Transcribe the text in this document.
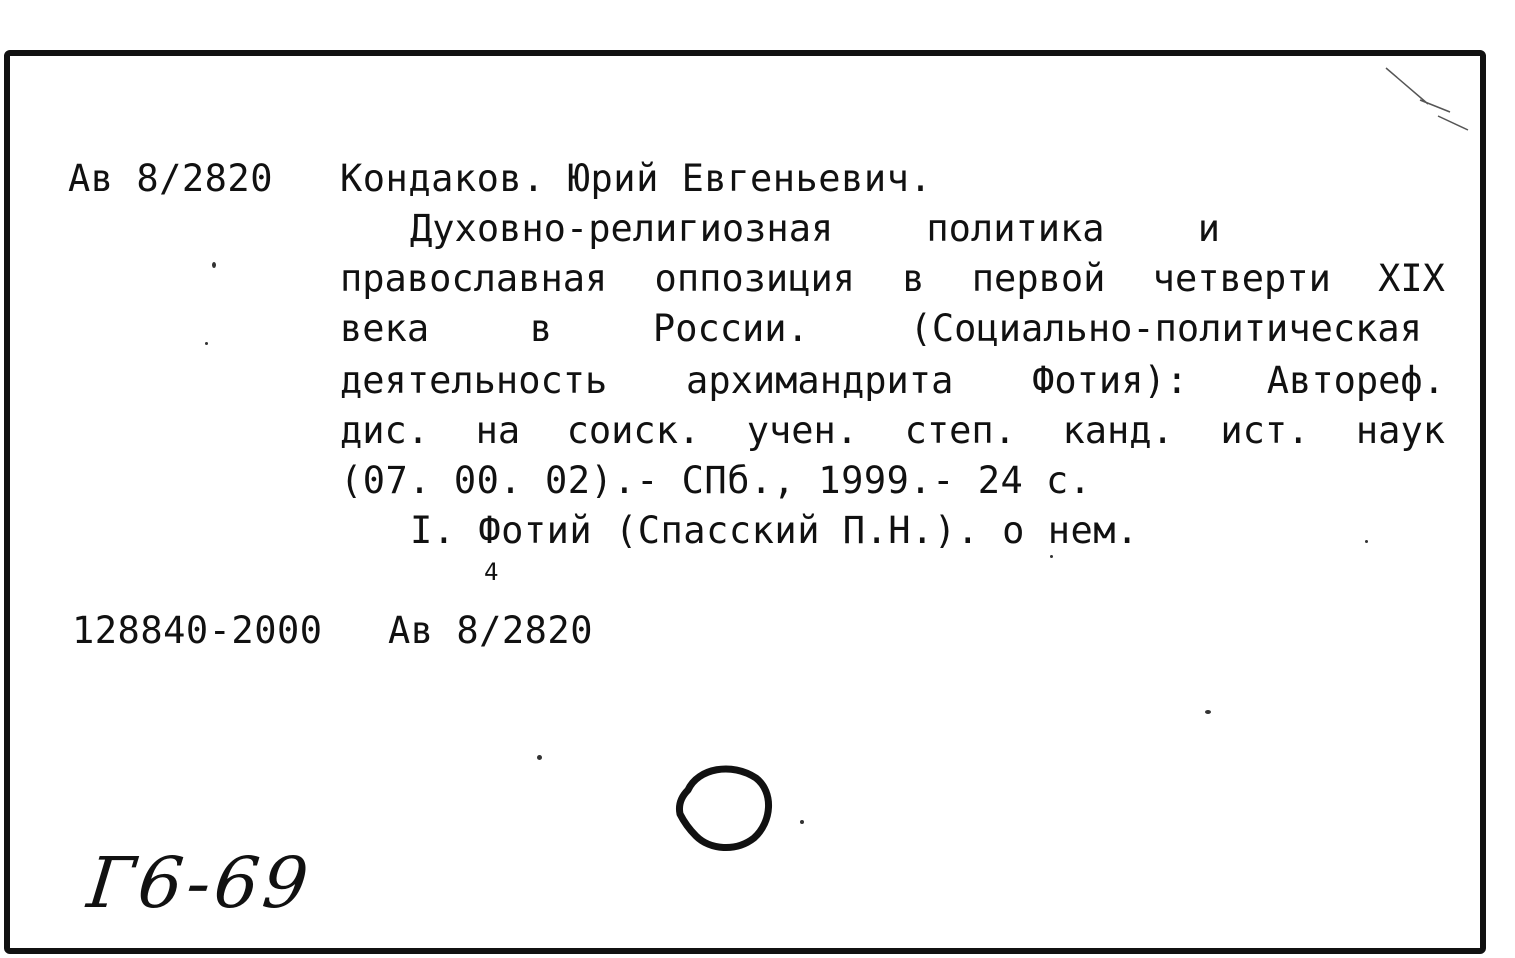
Ав 8/2820 Кондаков. Юрий Евгеньевич.
Духовно-религиозная	политика	и
православная оппозиция в первой четверти XIX
века	в	России.	(Социально-политическая
деятельность архимандрита Фотия): Автореф.
дис. на соиск. учен. степ. канд. ист. наук
(07. 00. 02).- СПб., 1999.- 24 с.
I. Фотий (Спасский П.Н.). о нем.
4
128840-2000 Ав 8/2820
Г6-69
